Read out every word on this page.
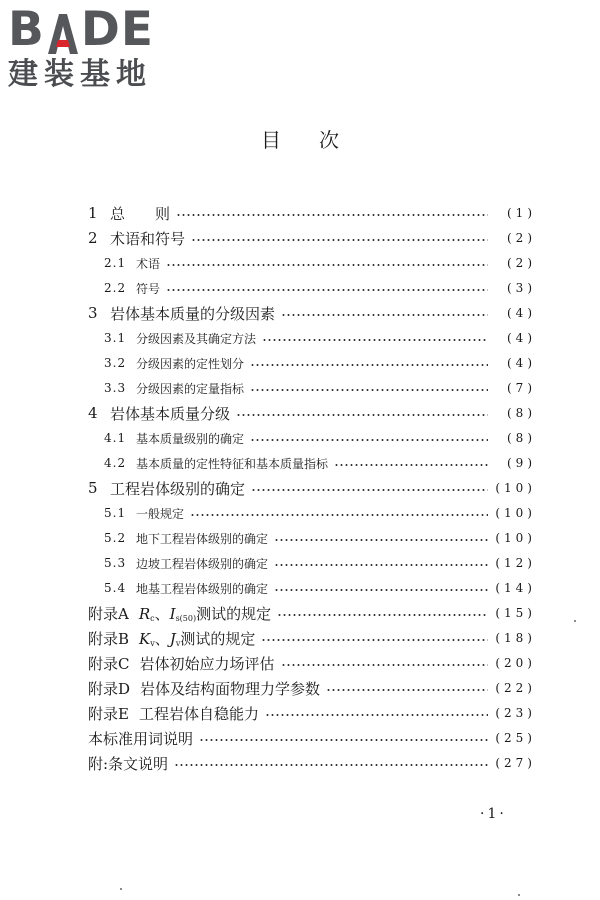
B DE
建装基地
目次
1 总　　则	(1)
2 术语和符号	(2)
2.1 术语	(2)
2.2 符号	(3)
3 岩体基本质量的分级因素	(4)
3.1 分级因素及其确定方法	(4)
3.2 分级因素的定性划分	(4)
3.3 分级因素的定量指标	(7)
4 岩体基本质量分级	(8)
4.1 基本质量级别的确定	(8)
4.2 基本质量的定性特征和基本质量指标	(9)
5 工程岩体级别的确定	(10)
5.1 一般规定	(10)
5.2 地下工程岩体级别的确定	(10)
5.3 边坡工程岩体级别的确定	(12)
5.4 地基工程岩体级别的确定	(14)
附录A $R_c$、$I_{s(50)}$测试的规定	(15)
附录B $K_v$、$J_v$测试的规定	(18)
附录C 岩体初始应力场评估	(20)
附录D 岩体及结构面物理力学参数	(22)
附录E 工程岩体自稳能力	(23)
本标准用词说明	(25)
附:条文说明	(27)
·1·
